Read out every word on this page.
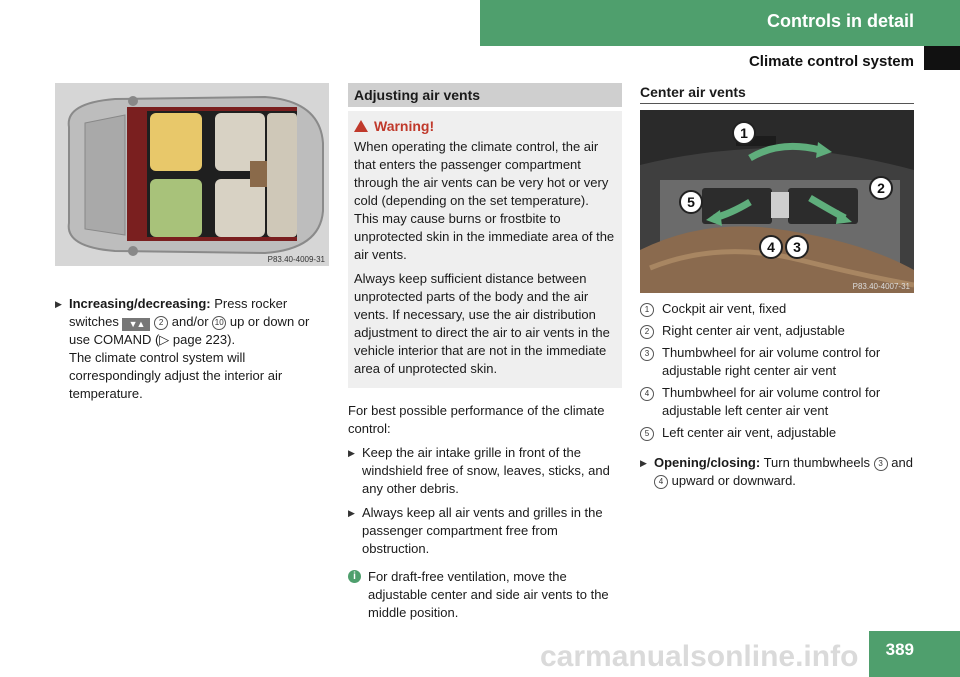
Controls in detail
Climate control system
P83.40-4009-31
▶ Increasing/decreasing: Press rocker switches ▼▲ 2 and/or 10 up or down or use COMAND (▷ page 223).
The climate control system will correspondingly adjust the interior air temperature.
Adjusting air vents
Warning!

When operating the climate control, the air that enters the passenger compartment through the air vents can be very hot or very cold (depending on the set temperature). This may cause burns or frostbite to unprotected skin in the immediate area of the air vents.

Always keep sufficient distance between unprotected parts of the body and the air vents. If necessary, use the air distribution adjustment to direct the air to air vents in the vehicle interior that are not in the immediate area of unprotected skin.

For best possible performance of the climate control:

▶ Keep the air intake grille in front of the windshield free of snow, leaves, sticks, and any other debris.
▶ Always keep all air vents and grilles in the passenger compartment free from obstruction.
i For draft-free ventilation, move the adjustable center and side air vents to the middle position.
Center air vents
1
2
3
4
5
P83.40-4007-31
1 Cockpit air vent, fixed
2 Right center air vent, adjustable
3 Thumbwheel for air volume control for adjustable right center air vent
4 Thumbwheel for air volume control for adjustable left center air vent
5 Left center air vent, adjustable
▶ Opening/closing: Turn thumbwheels 3 and 4 upward or downward.
carmanualsonline.info 389
